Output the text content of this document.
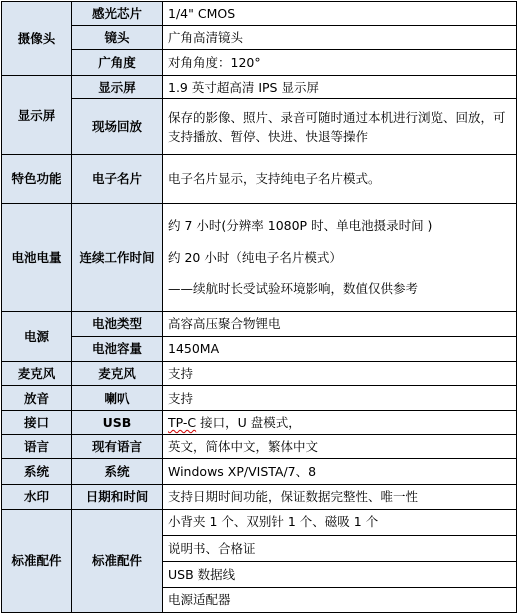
摄像头	感光芯片	1/4" CMOS
	镜头	广角高清镜头
	广角度	对角角度：120°
显示屏	显示屏	1.9 英寸超高清 IPS 显示屏
	现场回放	保存的影像、照片、录音可随时通过本机进行浏览、回放，可支持播放、暂停、快进、快退等操作
特色功能	电子名片	电子名片显示，支持纯电子名片模式。
电池电量	连续工作时间	约 7 小时(分辨率 1080P 时、单电池摄录时间 )
约 20 小时（纯电子名片模式）
——续航时长受试验环境影响，数值仅供参考

电源	电池类型	高容高压聚合物锂电
	电池容量	1450MA
麦克风	麦克风	支持
放音	喇叭	支持
接口	USB	TP-C 接口，U 盘模式，
语言	现有语言	英文，简体中文，繁体中文
系统	系统	Windows XP/VISTA/7、8
水印	日期和时间	支持日期时间功能，保证数据完整性、唯一性
标准配件	标准配件	小背夹 1 个、双别针 1 个、磁吸 1 个
		说明书、合格证
		USB 数据线
		电源适配器
